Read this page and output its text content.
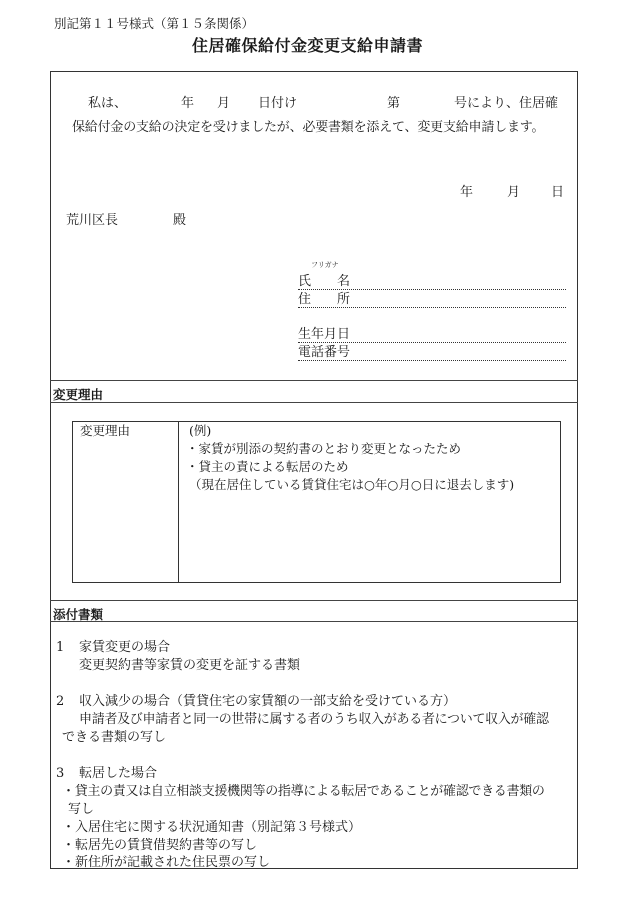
別記第１１号様式（第１５条関係）
住居確保給付金変更支給申請書
私は、	年 月 日付け	第	号により、住居確
保給付金の支給の決定を受けましたが、必要書類を添えて、変更支給申請します。
年	月 日
荒川区長	殿
フリガナ
氏　　名
住　　所
生年月日
電話番号
変更理由
変更理由	(例)
・家賃が別添の契約書のとおり変更となったため
・貸主の責による転居のため
（現在居住している賃貸住宅は○年○月○日に退去します)
添付書類
1 家賃変更の場合
変更契約書等家賃の変更を証する書類
2 収入減少の場合（賃貸住宅の家賃額の一部支給を受けている方）
申請者及び申請者と同一の世帯に属する者のうち収入がある者について収入が確認
できる書類の写し
3 転居した場合
・貸主の責又は自立相談支援機関等の指導による転居であることが確認できる書類の
写し
・入居住宅に関する状況通知書（別記第３号様式）
・転居先の賃貸借契約書等の写し
・新住所が記載された住民票の写し
